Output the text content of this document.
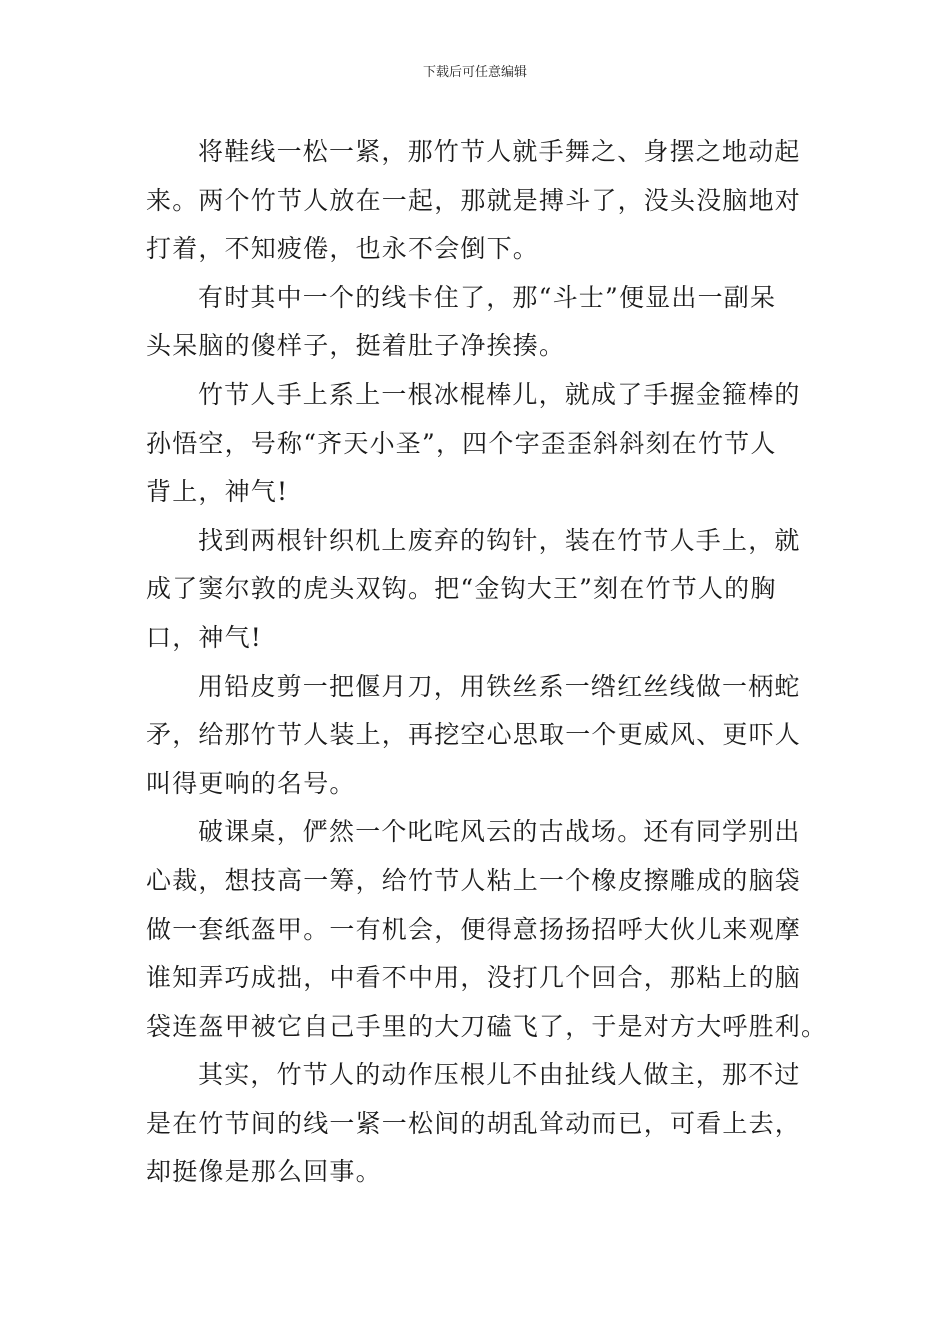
下载后可任意编辑

将鞋线一松一紧，那竹节人就手舞之、身摆之地动起
来。两个竹节人放在一起，那就是搏斗了，没头没脑地对
打着，不知疲倦，也永不会倒下。

有时其中一个的线卡住了，那“斗士”便显出一副呆
头呆脑的傻样子，挺着肚子净挨揍。

竹节人手上系上一根冰棍棒儿，就成了手握金箍棒的
孙悟空，号称“齐天小圣”，四个字歪歪斜斜刻在竹节人
背上，神气!

找到两根针织机上废弃的钩针，装在竹节人手上，就
成了窦尔敦的虎头双钩。把“金钩大王”刻在竹节人的胸
口，神气!

用铅皮剪一把偃月刀，用铁丝系一绺红丝线做一柄蛇
矛，给那竹节人装上，再挖空心思取一个更威风、更吓人
叫得更响的名号。

破课桌，俨然一个叱咤风云的古战场。还有同学别出
心裁，想技高一筹，给竹节人粘上一个橡皮擦雕成的脑袋
做一套纸盔甲。一有机会，便得意扬扬招呼大伙儿来观摩
谁知弄巧成拙，中看不中用，没打几个回合，那粘上的脑
袋连盔甲被它自己手里的大刀磕飞了，于是对方大呼胜利。

其实，竹节人的动作压根儿不由扯线人做主，那不过
是在竹节间的线一紧一松间的胡乱耸动而已，可看上去，
却挺像是那么回事。
